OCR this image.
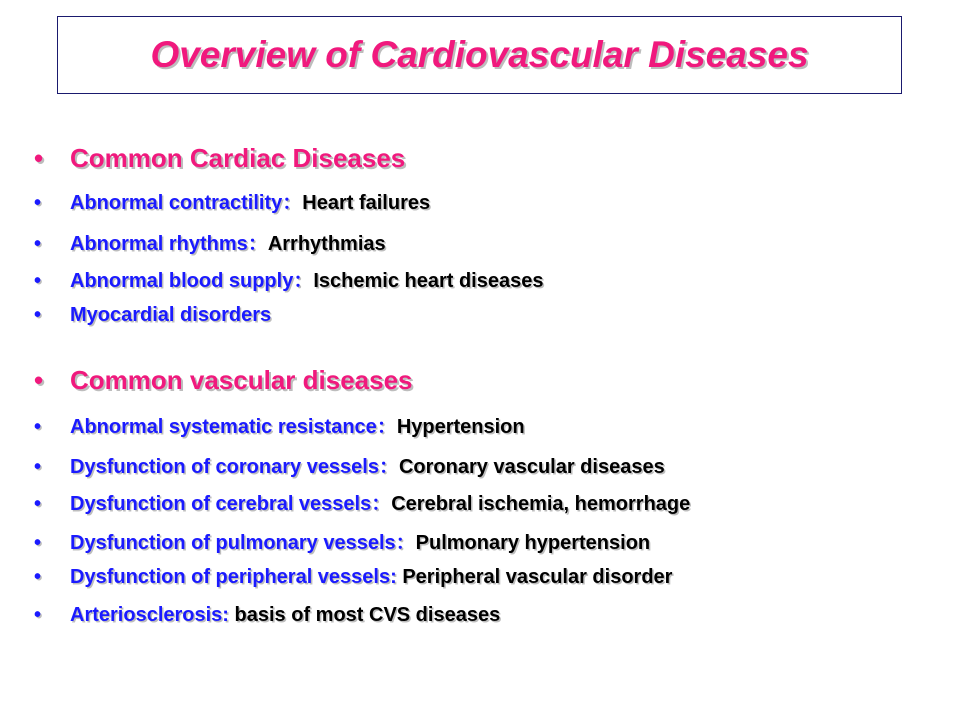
Overview of Cardiovascular Diseases
•	Common Cardiac Diseases
•	Abnormal contractility ： Heart failures
•	Abnormal rhythms ： Arrhythmias
•	Abnormal blood supply ： Ischemic heart diseases
•	Myocardial disorders
•	Common vascular diseases
•	Abnormal systematic resistance ： Hypertension
•	Dysfunction of coronary vessels ： Coronary vascular diseases
•	Dysfunction of cerebral vessels ： Cerebral ischemia, hemorrhage
•	Dysfunction of pulmonary vessels ： Pulmonary hypertension
•	Dysfunction of peripheral vessels:
Peripheral vascular disorder
•	Arteriosclerosis:
basis of most CVS diseases
